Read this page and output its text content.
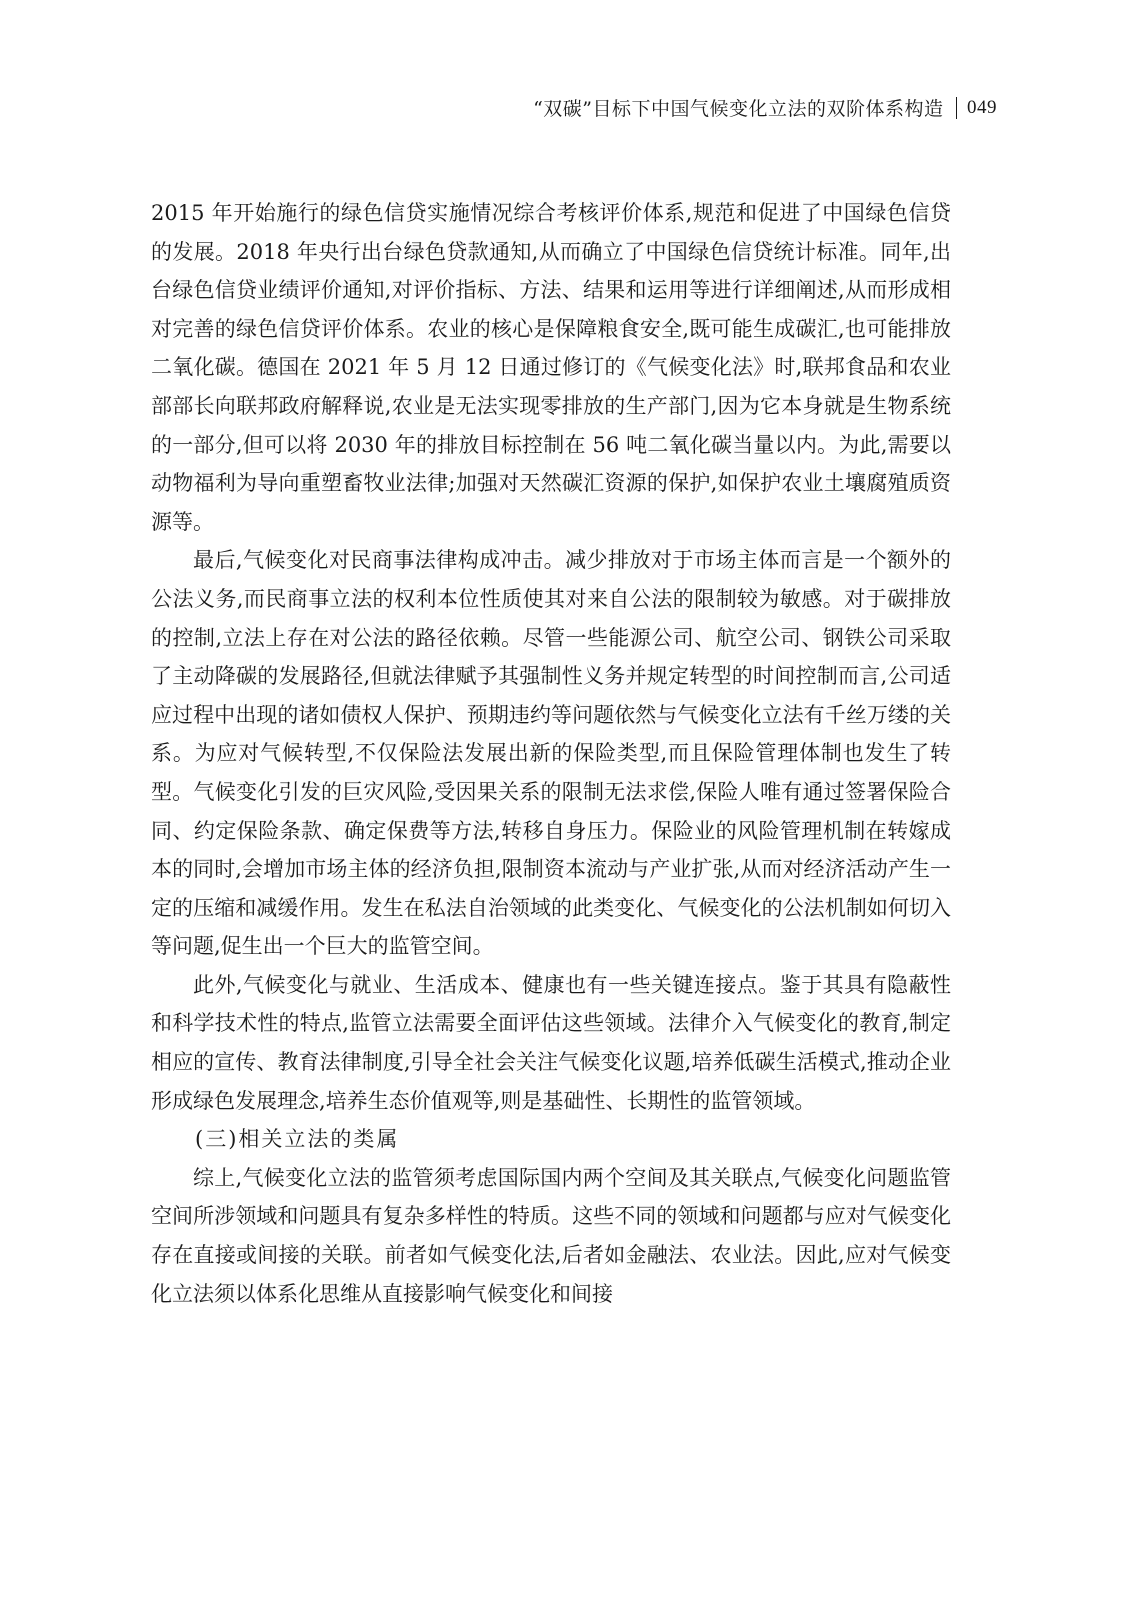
“双碳”目标下中国气候变化立法的双阶体系构造 049

2015 年开始施行的绿色信贷实施情况综合考核评价体系,规范和促进了中国绿色信贷的发展。2018 年央行出台绿色贷款通知,从而确立了中国绿色信贷统计标准。同年,出台绿色信贷业绩评价通知,对评价指标、方法、结果和运用等进行详细阐述,从而形成相对完善的绿色信贷评价体系。农业的核心是保障粮食安全,既可能生成碳汇,也可能排放二氧化碳。德国在 2021 年 5 月 12 日通过修订的《气候变化法》时,联邦食品和农业部部长向联邦政府解释说,农业是无法实现零排放的生产部门,因为它本身就是生物系统的一部分,但可以将 2030 年的排放目标控制在 56 吨二氧化碳当量以内。为此,需要以动物福利为导向重塑畜牧业法律;加强对天然碳汇资源的保护,如保护农业土壤腐殖质资源等。

最后,气候变化对民商事法律构成冲击。减少排放对于市场主体而言是一个额外的公法义务,而民商事立法的权利本位性质使其对来自公法的限制较为敏感。对于碳排放的控制,立法上存在对公法的路径依赖。尽管一些能源公司、航空公司、钢铁公司采取了主动降碳的发展路径,但就法律赋予其强制性义务并规定转型的时间控制而言,公司适应过程中出现的诸如债权人保护、预期违约等问题依然与气候变化立法有千丝万缕的关系。为应对气候转型,不仅保险法发展出新的保险类型,而且保险管理体制也发生了转型。气候变化引发的巨灾风险,受因果关系的限制无法求偿,保险人唯有通过签署保险合同、约定保险条款、确定保费等方法,转移自身压力。保险业的风险管理机制在转嫁成本的同时,会增加市场主体的经济负担,限制资本流动与产业扩张,从而对经济活动产生一定的压缩和减缓作用。发生在私法自治领域的此类变化、气候变化的公法机制如何切入等问题,促生出一个巨大的监管空间。

此外,气候变化与就业、生活成本、健康也有一些关键连接点。鉴于其具有隐蔽性和科学技术性的特点,监管立法需要全面评估这些领域。法律介入气候变化的教育,制定相应的宣传、教育法律制度,引导全社会关注气候变化议题,培养低碳生活模式,推动企业形成绿色发展理念,培养生态价值观等,则是基础性、长期性的监管领域。

(三)相关立法的类属

综上,气候变化立法的监管须考虑国际国内两个空间及其关联点,气候变化问题监管空间所涉领域和问题具有复杂多样性的特质。这些不同的领域和问题都与应对气候变化存在直接或间接的关联。前者如气候变化法,后者如金融法、农业法。因此,应对气候变化立法须以体系化思维从直接影响气候变化和间接
